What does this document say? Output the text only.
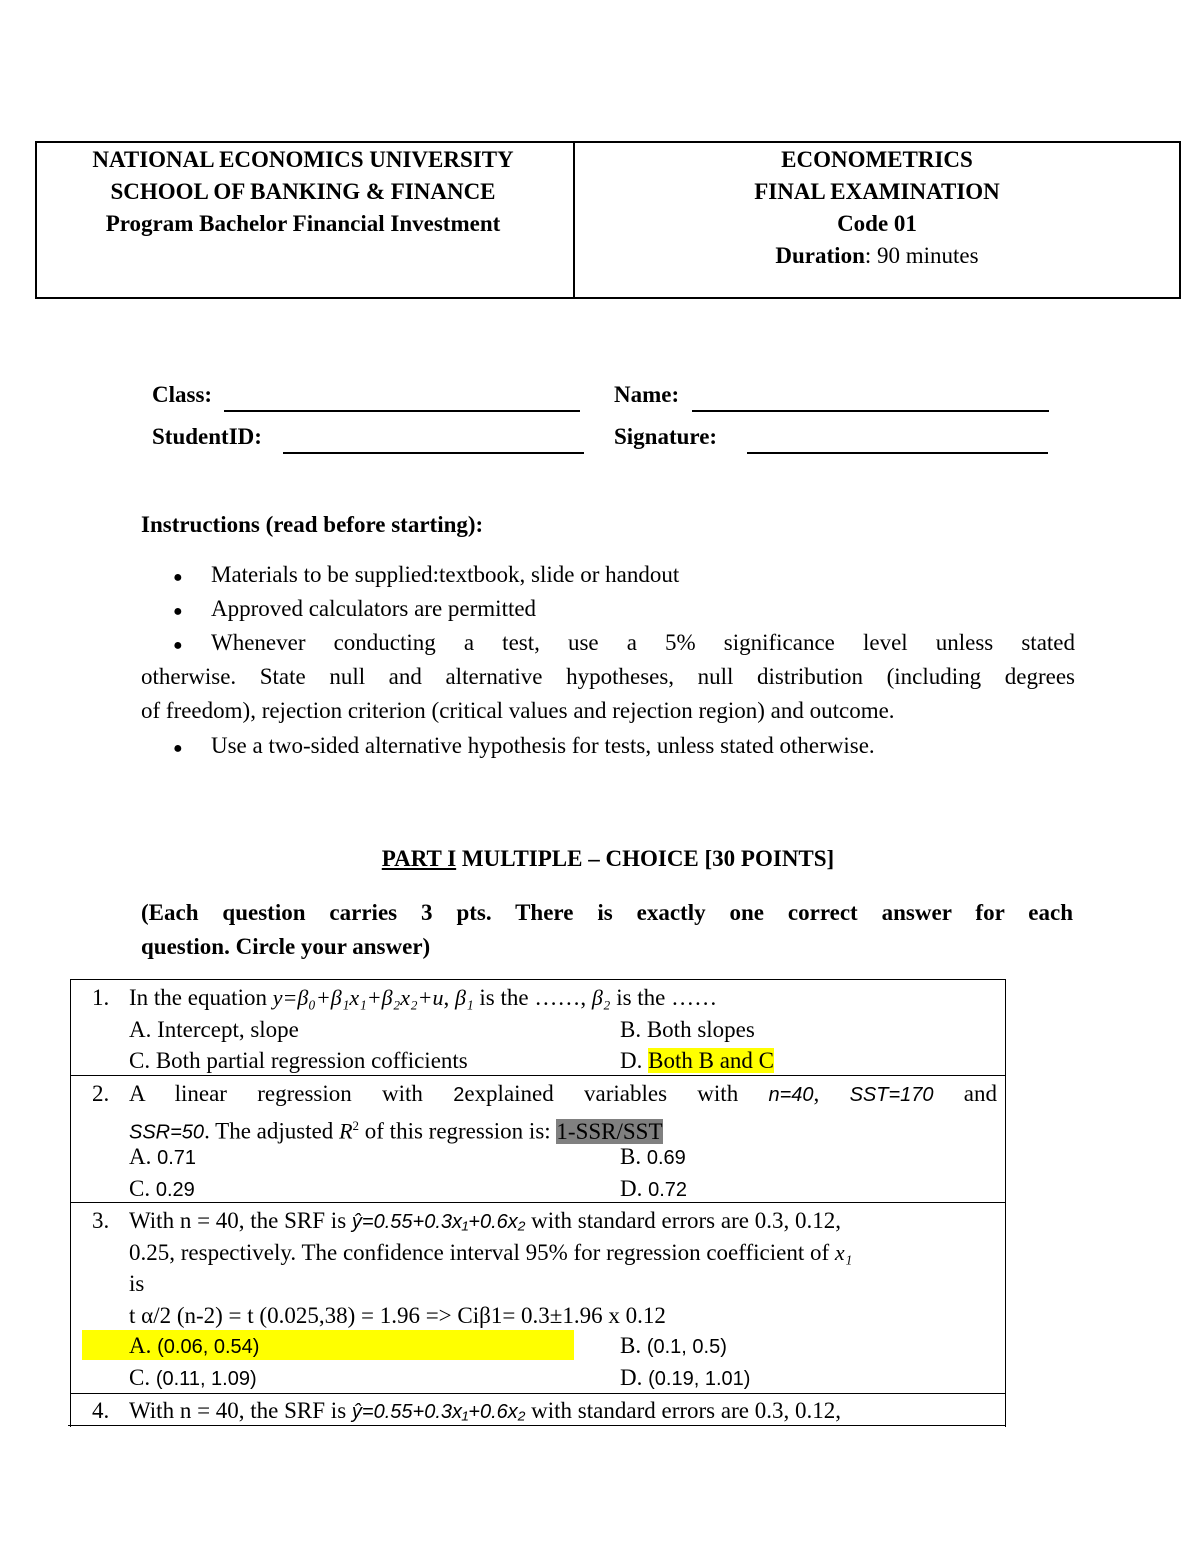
NATIONAL ECONOMICS UNIVERSITY
SCHOOL OF BANKING & FINANCE
Program Bachelor Financial Investment
ECONOMETRICS
FINAL EXAMINATION
Code 01
Duration: 90 minutes
Class:	Name:
StudentID:	Signature:
Instructions (read before starting):
● Materials to be supplied:textbook, slide or handout
● Approved calculators are permitted
● Whenever conducting a test, use a 5% significance level unless stated
otherwise. State null and alternative hypotheses, null distribution (including degrees
of freedom), rejection criterion (critical values and rejection region) and outcome.
● Use a two-sided alternative hypothesis for tests, unless stated otherwise.
PART I MULTIPLE – CHOICE [30 POINTS]
(Each question carries 3 pts. There is exactly one correct answer for each
question. Circle your answer)
1. In the equation y=β₀+β₁x₁+β₂x₂+u, β₁ is the ……, β₂ is the ……
A. Intercept, slope	B. Both slopes
C. Both partial regression cofficients	D. Both B and C
2. A linear regression with 2explained variables with n=40, SST=170 and
SSR=50. The adjusted $R^2$ of this regression is: 1-SSR/SST
A. 0.71	B. 0.69
C. 0.29	D. 0.72
3. With n = 40, the SRF is ŷ=0.55+0.3x₁+0.6x₂ with standard errors are 0.3, 0.12,
0.25, respectively. The confidence interval 95% for regression coefficient of x₁
is
t α/2 (n-2) = t (0.025,38) = 1.96 => Ciβ1= 0.3±1.96 x 0.12
A. (0.06, 0.54)	B. (0.1, 0.5)
C. (0.11, 1.09)	D. (0.19, 1.01)
4. With n = 40, the SRF is ŷ=0.55+0.3x₁+0.6x₂ with standard errors are 0.3, 0.12,
